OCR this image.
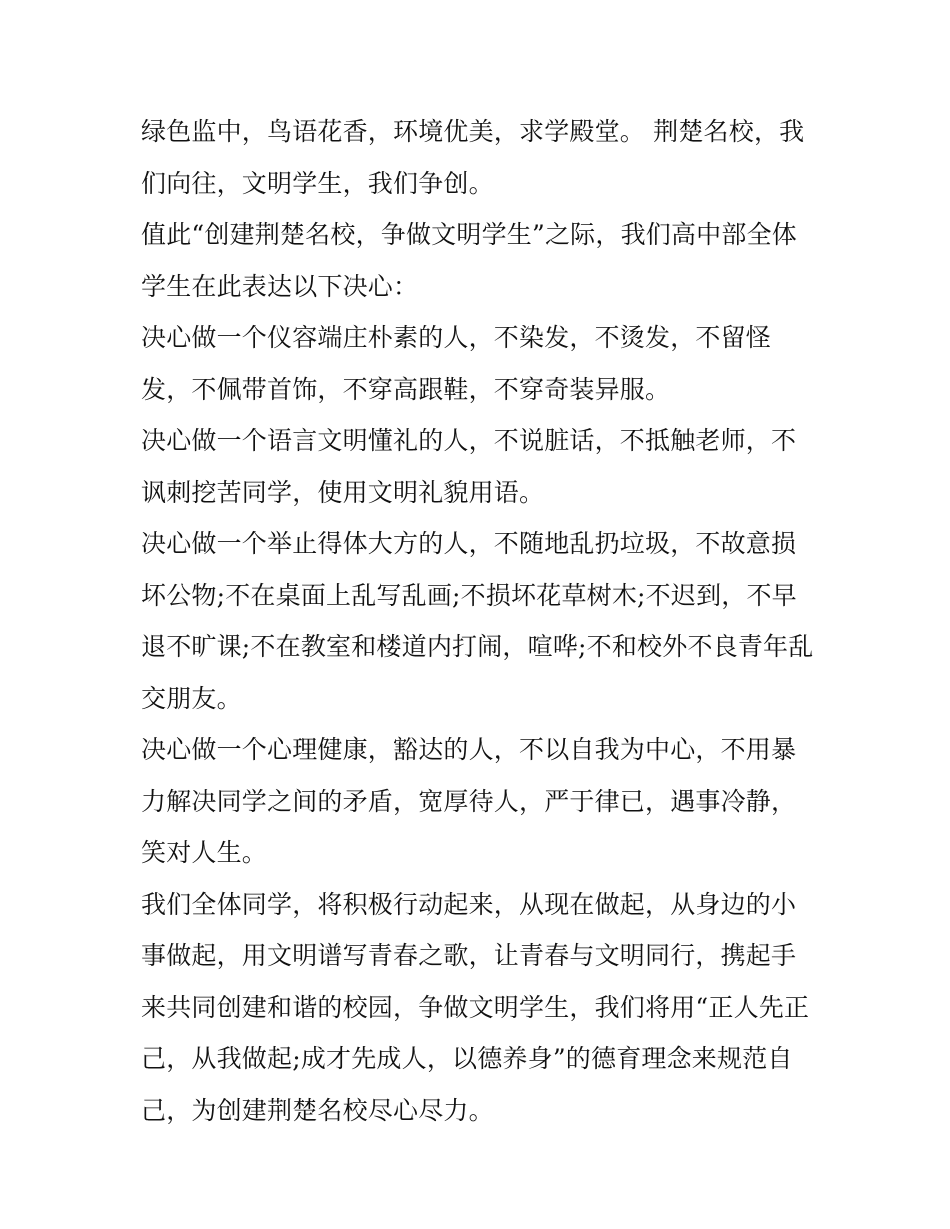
绿色监中，鸟语花香，环境优美，求学殿堂。 荆楚名校，我们向往，文明学生，我们争创。

值此“创建荆楚名校，争做文明学生”之际，我们高中部全体学生在此表达以下决心：

决心做一个仪容端庄朴素的人，不染发，不烫发，不留怪发，不佩带首饰，不穿高跟鞋，不穿奇装异服。

决心做一个语言文明懂礼的人，不说脏话，不抵触老师，不讽刺挖苦同学，使用文明礼貌用语。

决心做一个举止得体大方的人，不随地乱扔垃圾，不故意损坏公物;不在桌面上乱写乱画;不损坏花草树木;不迟到，不早退不旷课;不在教室和楼道内打闹，喧哗;不和校外不良青年乱交朋友。

决心做一个心理健康，豁达的人，不以自我为中心，不用暴力解决同学之间的矛盾，宽厚待人，严于律已，遇事冷静，笑对人生。

我们全体同学，将积极行动起来，从现在做起，从身边的小事做起，用文明谱写青春之歌，让青春与文明同行，携起手来共同创建和谐的校园，争做文明学生，我们将用“正人先正己，从我做起;成才先成人，以德养身”的德育理念来规范自己，为创建荆楚名校尽心尽力。
